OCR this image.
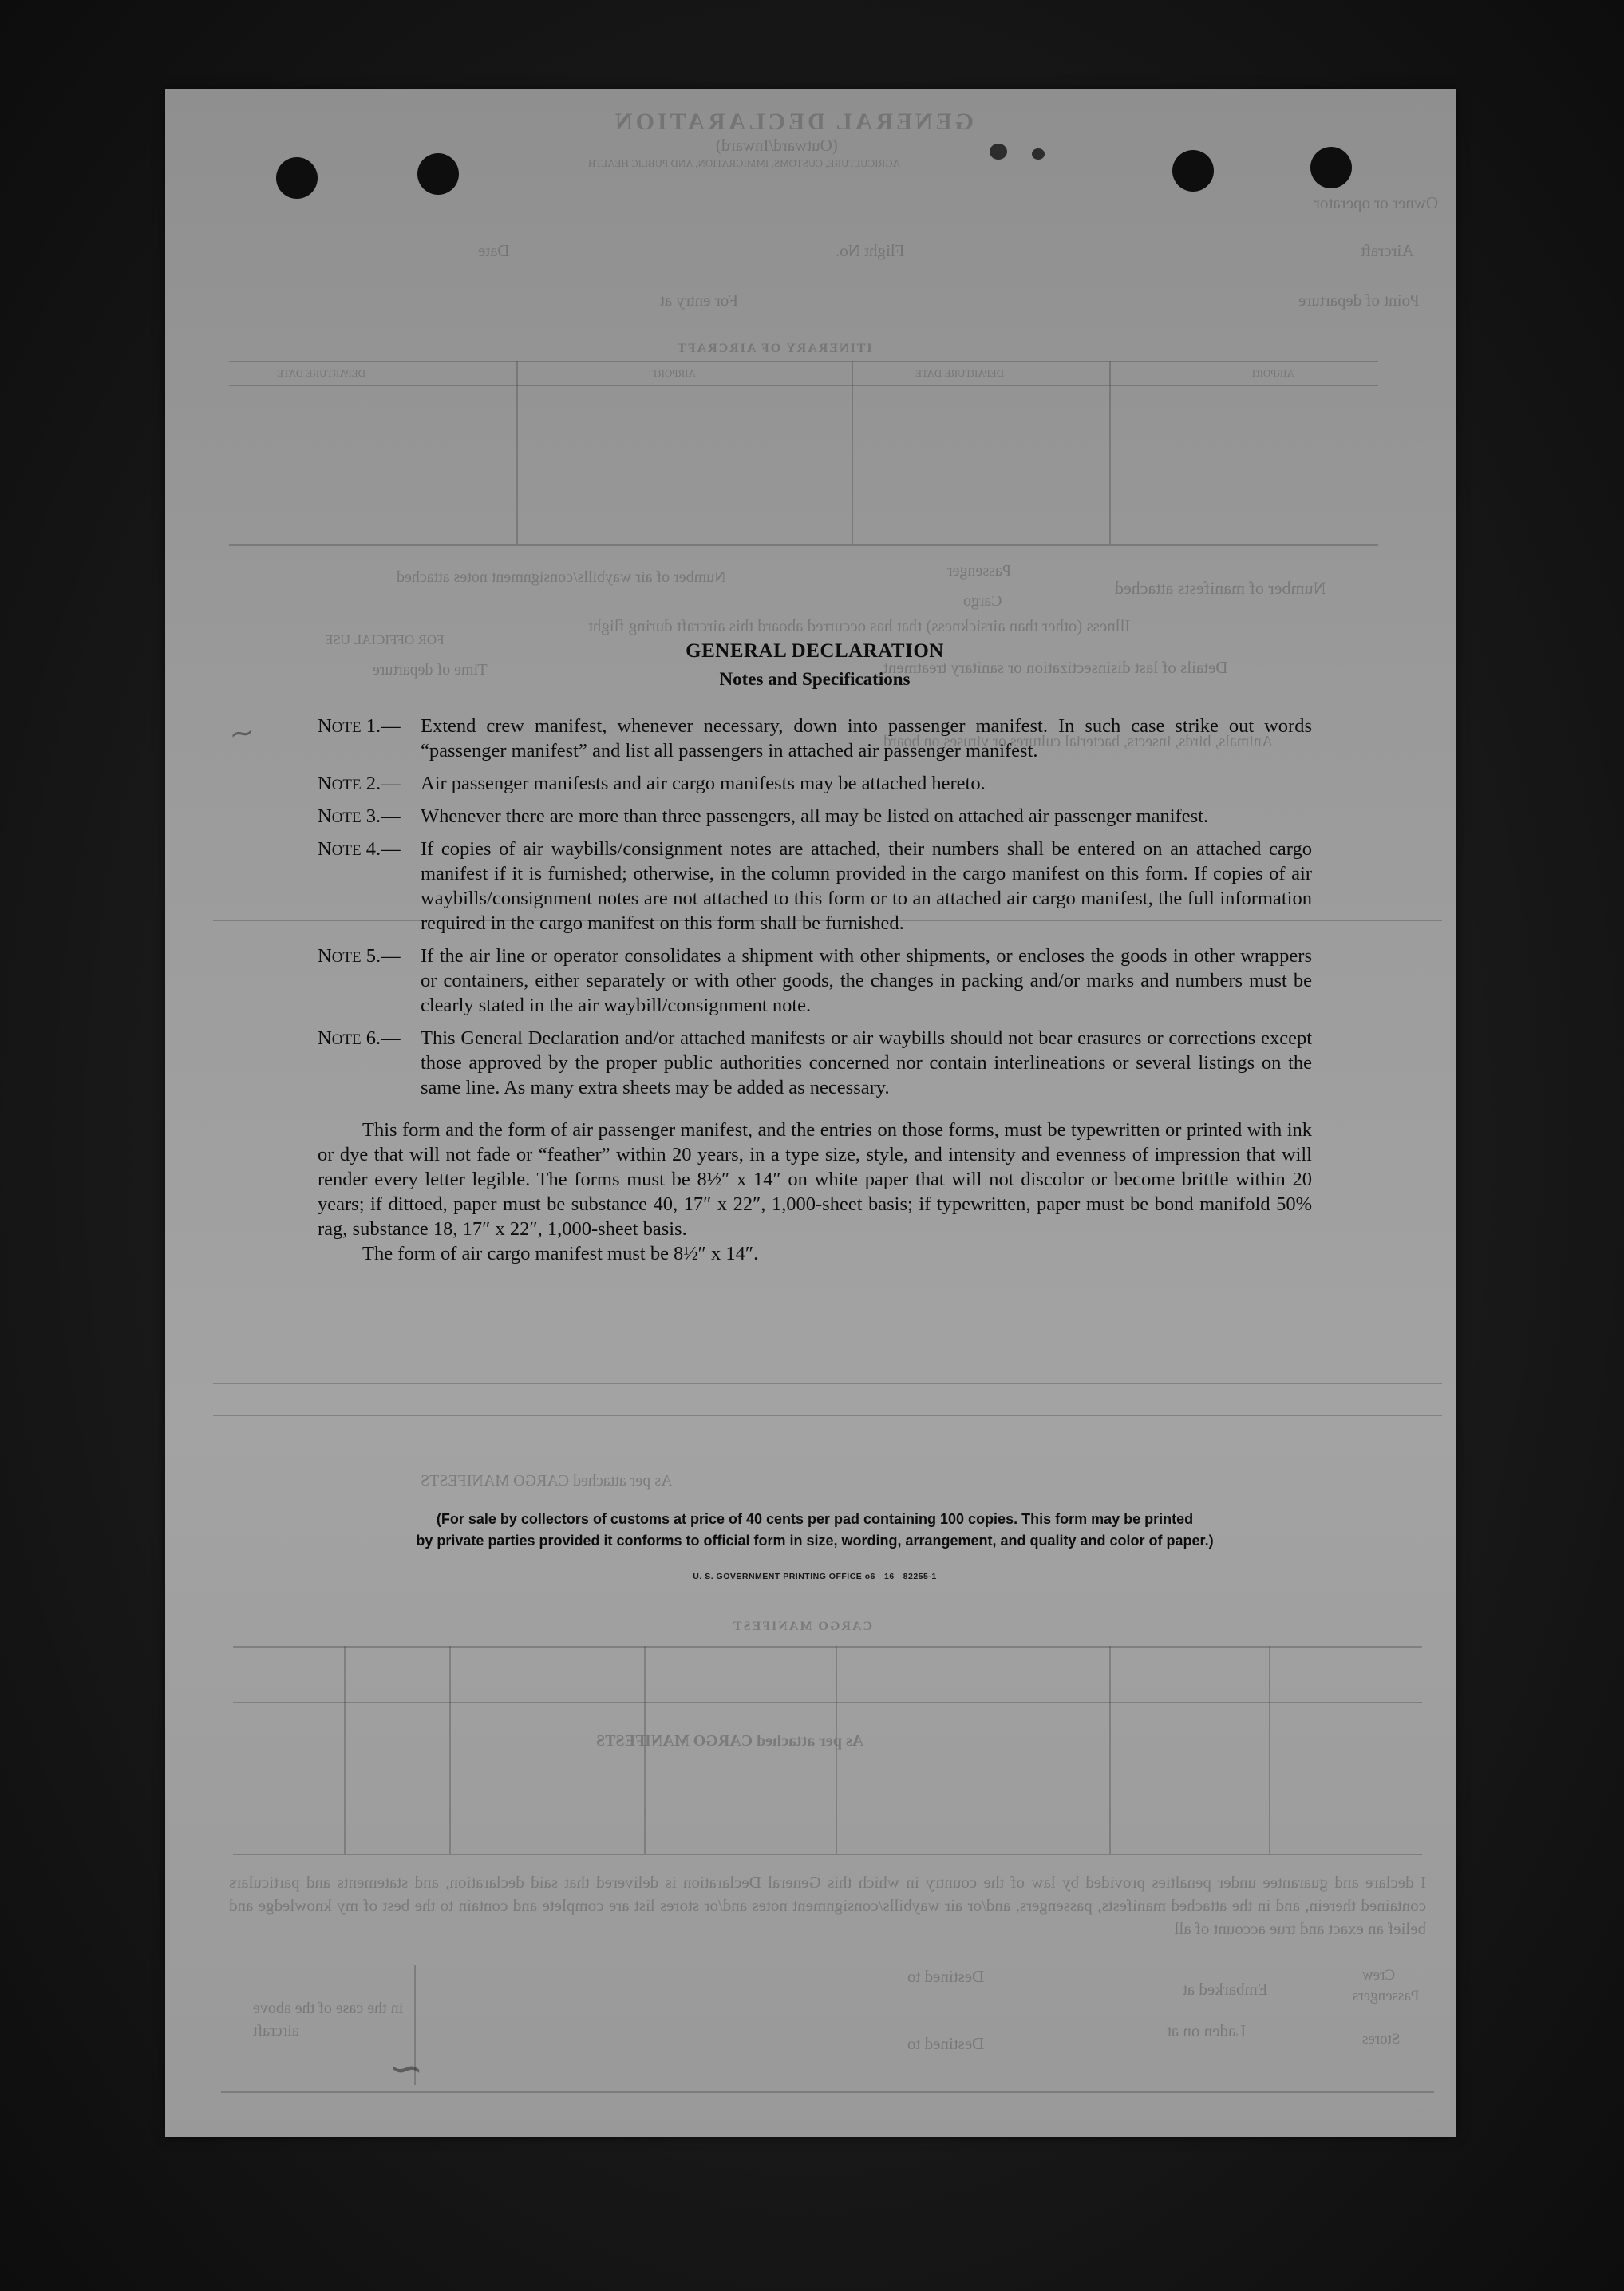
GENERAL DECLARATION
(Outward/Inward)
AGRICULTURE, CUSTOMS, IMMIGRATION, AND PUBLIC HEALTH
Owner or operator
Aircraft
Flight No.
Date
Point of departure
For entry at
ITINERARY OF AIRCRAFT
AIRPORT
DEPARTURE DATE
AIRPORT
DEPARTURE DATE
Number of manifests attached
Passenger
Cargo
Number of air waybills/consignment notes attached
Illness (other than airsickness) that has occurred aboard this aircraft during flight
Details of last disinsectization or sanitary treatment
Animals, birds, insects, bacterial cultures or viruses on board
FOR OFFICIAL USE
Time of departure
As per attached CARGO MANIFESTS
CARGO MANIFEST
As per attached CARGO MANIFESTS
I declare and guarantee under penalties provided by law of the country in which this General Declaration is delivered that said declaration, and statements and particulars contained therein, and in the attached manifests, passengers, and/or air waybills/consignment notes and/or stores list are complete and contain to the best of my knowledge and belief an exact and true account of all
Crew
Passengers
Stores
Embarked at
Destined to
Destined to
Laden on at
in the case of the above aircraft
~
~
GENERAL DECLARATION
Notes and Specifications
NOTE 1.— Extend crew manifest, whenever necessary, down into passenger manifest. In such case strike out words “passenger manifest” and list all passengers in attached air passenger manifest.
NOTE 2.— Air passenger manifests and air cargo manifests may be attached hereto.
NOTE 3.— Whenever there are more than three passengers, all may be listed on attached air passenger manifest.
NOTE 4.— If copies of air waybills/consignment notes are attached, their numbers shall be entered on an attached cargo manifest if it is furnished; otherwise, in the column provided in the cargo manifest on this form. If copies of air waybills/consignment notes are not attached to this form or to an attached air cargo manifest, the full information required in the cargo manifest on this form shall be furnished.
NOTE 5.— If the air line or operator consolidates a shipment with other shipments, or encloses the goods in other wrappers or containers, either separately or with other goods, the changes in packing and/or marks and numbers must be clearly stated in the air waybill/consignment note.
NOTE 6.— This General Declaration and/or attached manifests or air waybills should not bear erasures or corrections except those approved by the proper public authorities concerned nor contain interlineations or several listings on the same line. As many extra sheets may be added as necessary.
This form and the form of air passenger manifest, and the entries on those forms, must be typewritten or printed with ink or dye that will not fade or “feather” within 20 years, in a type size, style, and intensity and evenness of impression that will render every letter legible. The forms must be 8½″ x 14″ on white paper that will not discolor or become brittle within 20 years; if dittoed, paper must be substance 40, 17″ x 22″, 1,000-sheet basis; if typewritten, paper must be bond manifold 50% rag, substance 18, 17″ x 22″, 1,000-sheet basis.
The form of air cargo manifest must be 8½″ x 14″.
(For sale by collectors of customs at price of 40 cents per pad containing 100 copies. This form may be printed
by private parties provided it conforms to official form in size, wording, arrangement, and quality and color of paper.)
U. S. GOVERNMENT PRINTING OFFICE o6—16—82255-1
